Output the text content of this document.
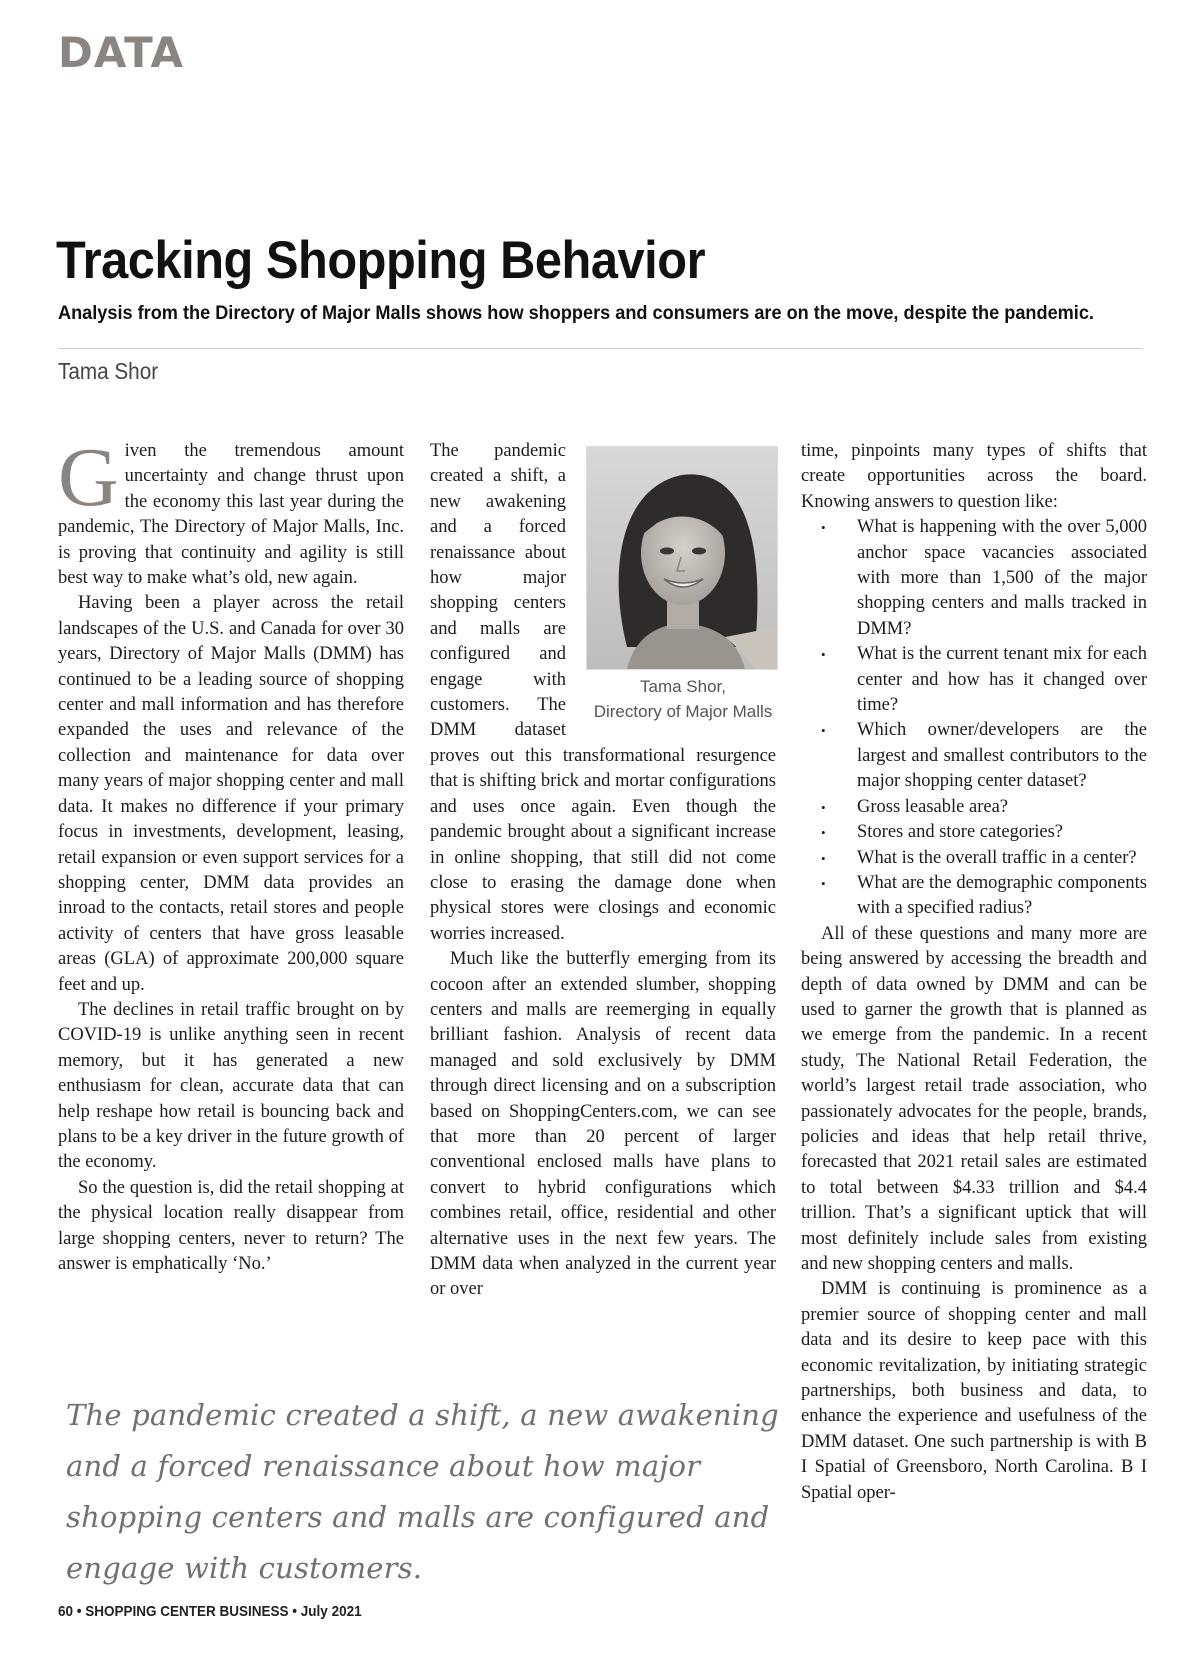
DATA
Tracking Shopping Behavior
Analysis from the Directory of Major Malls shows how shoppers and consumers are on the move, despite the pandemic.
Tama Shor
G iven the tremendous amount uncertainty and change thrust upon the economy this last year during the pandemic, The Directory of Major Malls, Inc. is proving that continuity and agility is still best way to make what’s old, new again.

Having been a player across the retail landscapes of the U.S. and Canada for over 30 years, Directory of Major Malls (DMM) has continued to be a leading source of shopping center and mall information and has therefore expanded the uses and relevance of the collection and maintenance for data over many years of major shopping center and mall data. It makes no difference if your primary focus in investments, development, leasing, retail expansion or even support services for a shopping center, DMM data provides an inroad to the contacts, retail stores and people activity of centers that have gross leasable areas (GLA) of approximate 200,000 square feet and up.

The declines in retail traffic brought on by COVID-19 is unlike anything seen in recent memory, but it has generated a new enthusiasm for clean, accurate data that can help reshape how retail is bouncing back and plans to be a key driver in the future growth of the economy.

So the question is, did the retail shopping at the physical location really disappear from large shopping centers, never to return? The answer is emphatically ‘No.’

The pandemic created a shift, a new awakening and a forced renaissance about how major shopping centers and malls are configured and engage with customers. The DMM dataset proves out this transformational resurgence that is shifting brick and mortar configurations and uses once again. Even though the pandemic brought about a significant increase in online shopping, that still did not come close to erasing the damage done when physical stores were closings and economic worries increased.

Much like the butterfly emerging from its cocoon after an extended slumber, shopping centers and malls are reemerging in equally brilliant fashion. Analysis of recent data managed and sold exclusively by DMM through direct licensing and on a subscription based on ShoppingCenters.com, we can see that more than 20 percent of larger conventional enclosed malls have plans to convert to hybrid configurations which combines retail, office, residential and other alternative uses in the next few years. The DMM data when analyzed in the current year or over

Tama Shor,
Directory of Major Malls

time, pinpoints many types of shifts that create opportunities across the board. Knowing answers to question like:

• What is happening with the over 5,000 anchor space vacancies associated with more than 1,500 of the major shopping centers and malls tracked in DMM?
• What is the current tenant mix for each center and how has it changed over time?
• Which owner/developers are the largest and smallest contributors to the major shopping center dataset?
• Gross leasable area?
• Stores and store categories?
• What is the overall traffic in a center?
• What are the demographic components with a specified radius?

All of these questions and many more are being answered by accessing the breadth and depth of data owned by DMM and can be used to garner the growth that is planned as we emerge from the pandemic. In a recent study, The National Retail Federation, the world’s largest retail trade association, who passionately advocates for the people, brands, policies and ideas that help retail thrive, forecasted that 2021 retail sales are estimated to total between $4.33 trillion and $4.4 trillion. That’s a significant uptick that will most definitely include sales from existing and new shopping centers and malls.

DMM is continuing is prominence as a premier source of shopping center and mall data and its desire to keep pace with this economic revitalization, by initiating strategic partnerships, both business and data, to enhance the experience and usefulness of the DMM dataset. One such partnership is with B I Spatial of Greensboro, North Carolina. B I Spatial oper-

The pandemic created a shift, a new awakening and a forced renaissance about how major shopping centers and malls are configured and engage with customers.
60 • SHOPPING CENTER BUSINESS • July 2021
